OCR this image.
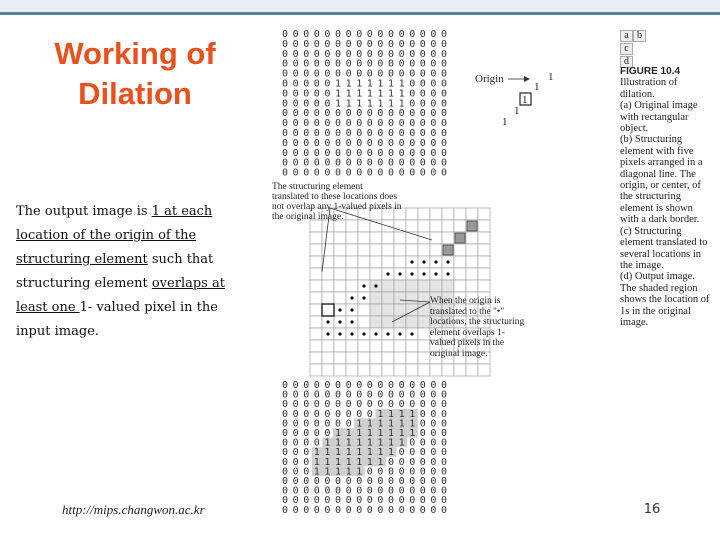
Working of Dilation
The output image is 1 at each location of the origin of the structuring element such that structuring element overlaps at least one 1- valued pixel in the input image.
0 0 0 0 0 0 0 0 0 0 0 0 0 0 0 0
0 0 0 0 0 0 0 0 0 0 0 0 0 0 0 0
0 0 0 0 0 0 0 0 0 0 0 0 0 0 0 0
0 0 0 0 0 0 0 0 0 0 0 0 0 0 0 0
0 0 0 0 0 0 0 0 0 0 0 0 0 0 0 0
0 0 0 0 0 1 1 1 1 1 1 1 0 0 0 0
0 0 0 0 0 1 1 1 1 1 1 1 0 0 0 0
0 0 0 0 0 1 1 1 1 1 1 1 0 0 0 0
0 0 0 0 0 0 0 0 0 0 0 0 0 0 0 0
0 0 0 0 0 0 0 0 0 0 0 0 0 0 0 0
0 0 0 0 0 0 0 0 0 0 0 0 0 0 0 0
0 0 0 0 0 0 0 0 0 0 0 0 0 0 0 0
0 0 0 0 0 0 0 0 0 0 0 0 0 0 0 0
0 0 0 0 0 0 0 0 0 0 0 0 0 0 0 0
0 0 0 0 0 0 0 0 0 0 0 0 0 0 0 0
Origin	1
1
1
1
1
0 0 0 0 0 0 0 0 0 0 0 0 0 0 0 0
0 0 0 0 0 0 0 0 0 0 0 0 0 0 0 0
0 0 0 0 0 0 0 0 0 0 0 0 0 0 0 0
0 0 0 0 0 0 0 0 0 1 1 1 1 0 0 0
0 0 0 0 0 0 0 1 1 1 1 1 1 0 0 0
0 0 0 0 0 1 1 1 1 1 1 1 1 0 0 0
0 0 0 0 1 1 1 1 1 1 1 1 0 0 0 0
0 0 0 1 1 1 1 1 1 1 1 0 0 0 0 0
0 0 0 1 1 1 1 1 1 1 0 0 0 0 0 0
0 0 0 1 1 1 1 1 0 0 0 0 0 0 0 0
0 0 0 0 0 0 0 0 0 0 0 0 0 0 0 0
0 0 0 0 0 0 0 0 0 0 0 0 0 0 0 0
0 0 0 0 0 0 0 0 0 0 0 0 0 0 0 0
0 0 0 0 0 0 0 0 0 0 0 0 0 0 0 0
a b
c
d
FIGURE 10.4
Illustration of dilation.
(a) Original image with rectangular object.
(b) Structuring element with five pixels arranged in a diagonal line. The origin, or center, of the structuring element is shown with a dark border.
(c) Structuring element translated to several locations in the image.
(d) Output image. The shaded region shows the location of 1s in the original image.
The structuring element translated to these locations does not overlap any 1-valued pixels in the original image.
When the origin is translated to the "•" locations, the structuring element overlaps 1-valued pixels in the original image.
http://mips.changwon.ac.kr	16
